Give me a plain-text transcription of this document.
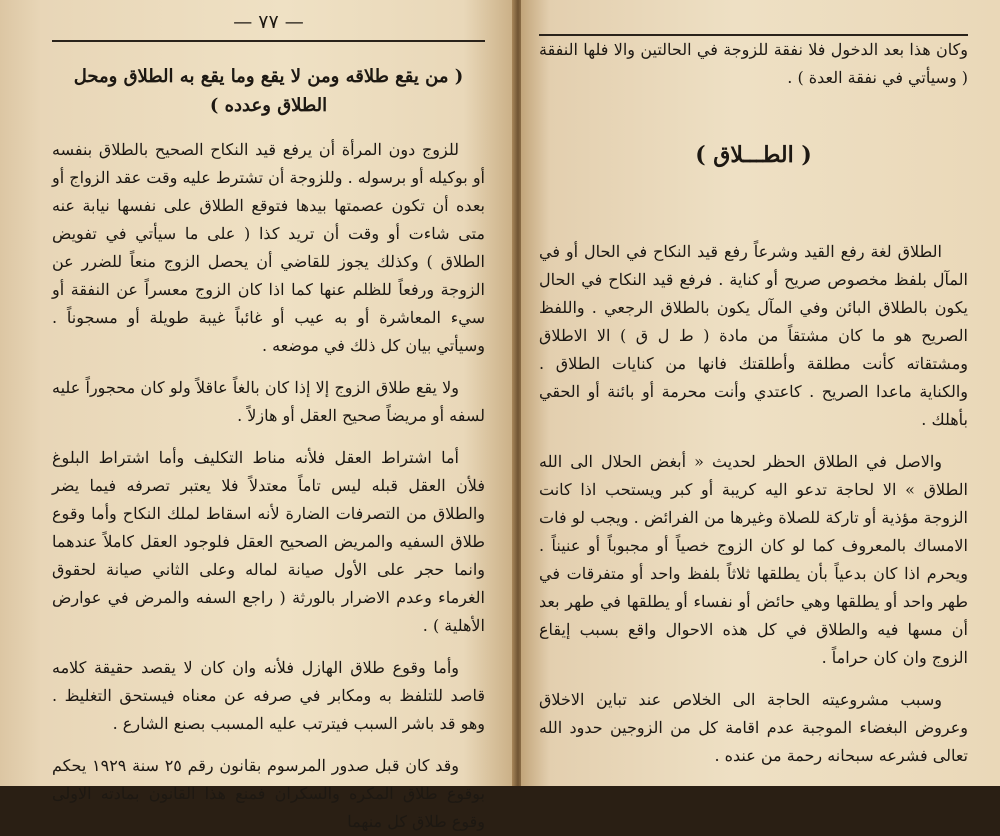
— ٧٧ —
( من يقع طلاقه ومن لا يقع وما يقع به الطلاق ومحل الطلاق وعدده )

للزوج دون المرأة أن يرفع قيد النكاح الصحيح بالطلاق بنفسه أو بوكيله أو برسوله . وللزوجة أن تشترط عليه وقت عقد الزواج أو بعده أن تكون عصمتها بيدها فتوقع الطلاق على نفسها نيابة عنه متى شاءت أو وقت أن تريد كذا ( على ما سيأتي في تفويض الطلاق ) وكذلك يجوز للقاضي أن يحصل الزوج منعاً للضرر عن الزوجة ورفعاً للظلم عنها كما اذا كان الزوج معسراً عن النفقة أو سيء المعاشرة أو به عيب أو غائباً غيبة طويلة أو مسجوناً . وسيأتي بيان كل ذلك في موضعه .

ولا يقع طلاق الزوج إلا إذا كان بالغاً عاقلاً ولو كان محجوراً عليه لسفه أو مريضاً صحيح العقل أو هازلاً .

أما اشتراط العقل فلأنه مناط التكليف وأما اشتراط البلوغ فلأن العقل قبله ليس تاماً معتدلاً فلا يعتبر تصرفه فيما يضر والطلاق من التصرفات الضارة لأنه اسقاط لملك النكاح وأما وقوع طلاق السفيه والمريض الصحيح العقل فلوجود العقل كاملاً عندهما وانما حجر على الأول صيانة لماله وعلى الثاني صيانة لحقوق الغرماء وعدم الاضرار بالورثة ( راجع السفه والمرض في عوارض الأهلية ) .

وأما وقوع طلاق الهازل فلأنه وان كان لا يقصد حقيقة كلامه قاصد للتلفظ به ومكابر في صرفه عن معناه فيستحق التغليظ . وهو قد باشر السبب فيترتب عليه المسبب بصنع الشارع .

وقد كان قبل صدور المرسوم بقانون رقم ٢٥ سنة ١٩٢٩ يحكم بوقوع طلاق المكره والسكران فمنع هذا القانون بمادته الاولى وقوع طلاق كل منهما

وكان هذا بعد الدخول فلا نفقة للزوجة في الحالتين والا فلها النفقة ( وسيأتي في نفقة العدة ) .

( الطـــلاق )

الطلاق لغة رفع القيد وشرعاً رفع قيد النكاح في الحال أو في المآل بلفظ مخصوص صريح أو كناية . فرفع قيد النكاح في الحال يكون بالطلاق البائن وفي المآل يكون بالطلاق الرجعي . واللفظ الصريح هو ما كان مشتقاً من مادة ( ط ل ق ) الا الاطلاق ومشتقاته كأنت مطلقة وأطلقتك فانها من كنايات الطلاق . والكناية ماعدا الصريح . كاعتدي وأنت محرمة أو بائنة أو الحقي بأهلك .

والاصل في الطلاق الحظر لحديث « أبغض الحلال الى الله الطلاق » الا لحاجة تدعو اليه كريبة أو كبر ويستحب اذا كانت الزوجة مؤذية أو تاركة للصلاة وغيرها من الفرائض . ويجب لو فات الامساك بالمعروف كما لو كان الزوج خصياً أو مجبوباً أو عنيناً . ويحرم اذا كان بدعياً بأن يطلقها ثلاثاً بلفظ واحد أو متفرقات في طهر واحد أو يطلقها وهي حائض أو نفساء أو يطلقها في طهر بعد أن مسها فيه والطلاق في كل هذه الاحوال واقع بسبب إيقاع الزوج وان كان حراماً .

وسبب مشروعيته الحاجة الى الخلاص عند تباين الاخلاق وعروض البغضاء الموجبة عدم اقامة كل من الزوجين حدود الله تعالى فشرعه سبحانه رحمة من عنده .
